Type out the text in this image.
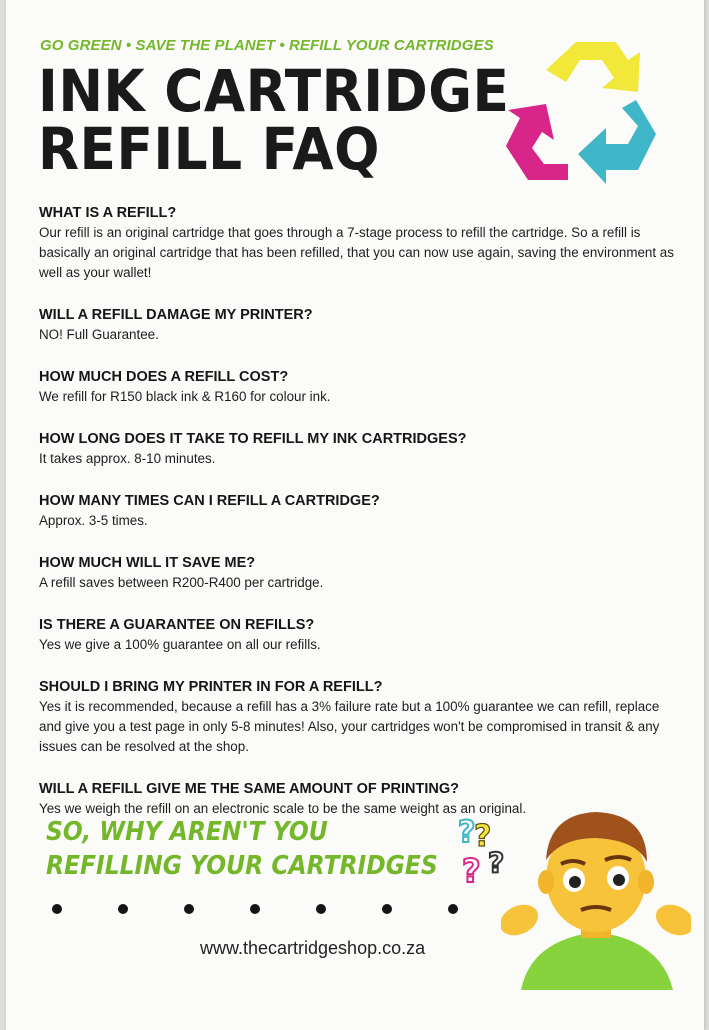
GO GREEN • SAVE THE PLANET • REFILL YOUR CARTRIDGES
INK CARTRIDGE
REFILL FAQ
WHAT IS A REFILL?
Our refill is an original cartridge that goes through a 7-stage process to refill the cartridge. So a refill is basically an original cartridge that has been refilled, that you can now use again, saving the environment as well as your wallet!
WILL A REFILL DAMAGE MY PRINTER?
NO! Full Guarantee.
HOW MUCH DOES A REFILL COST?
We refill for R150 black ink & R160 for colour ink.
HOW LONG DOES IT TAKE TO REFILL MY INK CARTRIDGES?
It takes approx. 8-10 minutes.
HOW MANY TIMES CAN I REFILL A CARTRIDGE?
Approx. 3-5 times.
HOW MUCH WILL IT SAVE ME?
A refill saves between R200-R400 per cartridge.
IS THERE A GUARANTEE ON REFILLS?
Yes we give a 100% guarantee on all our refills.
SHOULD I BRING MY PRINTER IN FOR A REFILL?
Yes it is recommended, because a refill has a 3% failure rate but a 100% guarantee we can refill, replace and give you a test page in only 5-8 minutes! Also, your cartridges won't be compromised in transit & any issues can be resolved at the shop.
WILL A REFILL GIVE ME THE SAME AMOUNT OF PRINTING?
Yes we weigh the refill on an electronic scale to be the same weight as an original.
SO, WHY AREN'T YOU
REFILLING YOUR CARTRIDGES
?
?
? ?
www.thecartridgeshop.co.za
